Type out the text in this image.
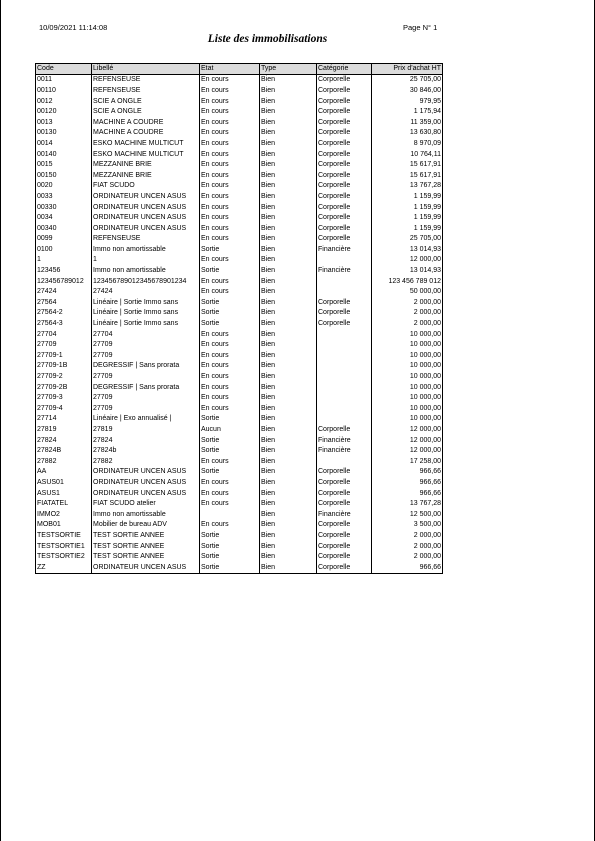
10/09/2021 11:14:08	Page N° 1
Liste des immobilisations
Code	Libellé	Etat	Type	Catégorie	Prix d'achat HT
0011	REFENSEUSE	En cours	Bien	Corporelle	25 705,00
00110	REFENSEUSE	En cours	Bien	Corporelle	30 846,00
0012	SCIE A ONGLE	En cours	Bien	Corporelle	979,95
00120	SCIE A ONGLE	En cours	Bien	Corporelle	1 175,94
0013	MACHINE A COUDRE	En cours	Bien	Corporelle	11 359,00
00130	MACHINE A COUDRE	En cours	Bien	Corporelle	13 630,80
0014	ESKO MACHINE MULTICUT	En cours	Bien	Corporelle	8 970,09
00140	ESKO MACHINE MULTICUT	En cours	Bien	Corporelle	10 764,11
0015	MEZZANINE BRIE	En cours	Bien	Corporelle	15 617,91
00150	MEZZANINE BRIE	En cours	Bien	Corporelle	15 617,91
0020	FIAT SCUDO	En cours	Bien	Corporelle	13 767,28
0033	ORDINATEUR UNCEN ASUS	En cours	Bien	Corporelle	1 159,99
00330	ORDINATEUR UNCEN ASUS	En cours	Bien	Corporelle	1 159,99
0034	ORDINATEUR UNCEN ASUS	En cours	Bien	Corporelle	1 159,99
00340	ORDINATEUR UNCEN ASUS	En cours	Bien	Corporelle	1 159,99
0099	REFENSEUSE	En cours	Bien	Corporelle	25 705,00
0100	Immo non amortissable	Sortie	Bien	Financière	13 014,93
1	1	En cours	Bien		12 000,00
123456	Immo non amortissable	Sortie	Bien	Financière	13 014,93
123456789012	123456789012345678901234	En cours	Bien		123 456 789 012
27424	27424	En cours	Bien		50 000,00
27564	Linéaire | Sortie Immo sans	Sortie	Bien	Corporelle	2 000,00
27564-2	Linéaire | Sortie Immo sans	Sortie	Bien	Corporelle	2 000,00
27564-3	Linéaire | Sortie Immo sans	Sortie	Bien	Corporelle	2 000,00
27704	27704	En cours	Bien		10 000,00
27709	27709	En cours	Bien		10 000,00
27709-1	27709	En cours	Bien		10 000,00
27709-1B	DEGRESSIF | Sans prorata	En cours	Bien		10 000,00
27709-2	27709	En cours	Bien		10 000,00
27709-2B	DEGRESSIF | Sans prorata	En cours	Bien		10 000,00
27709-3	27709	En cours	Bien		10 000,00
27709-4	27709	En cours	Bien		10 000,00
27714	Linéaire | Exo annualisé |	Sortie	Bien		10 000,00
27819	27819	Aucun	Bien	Corporelle	12 000,00
27824	27824	Sortie	Bien	Financière	12 000,00
27824B	27824b	Sortie	Bien	Financière	12 000,00
27882	27882	En cours	Bien		17 258,00
AA	ORDINATEUR UNCEN ASUS	Sortie	Bien	Corporelle	966,66
ASUS01	ORDINATEUR UNCEN ASUS	En cours	Bien	Corporelle	966,66
ASUS1	ORDINATEUR UNCEN ASUS	En cours	Bien	Corporelle	966,66
FIATATEL	FIAT SCUDO atelier	En cours	Bien	Corporelle	13 767,28
IMMO2	Immo non amortissable		Bien	Financière	12 500,00
MOB01	Mobilier de bureau ADV	En cours	Bien	Corporelle	3 500,00
TESTSORTIE	TEST SORTIE ANNEE	Sortie	Bien	Corporelle	2 000,00
TESTSORTIE1	TEST SORTIE ANNEE	Sortie	Bien	Corporelle	2 000,00
TESTSORTIE2	TEST SORTIE ANNEE	Sortie	Bien	Corporelle	2 000,00
ZZ	ORDINATEUR UNCEN ASUS	Sortie	Bien	Corporelle	966,66
